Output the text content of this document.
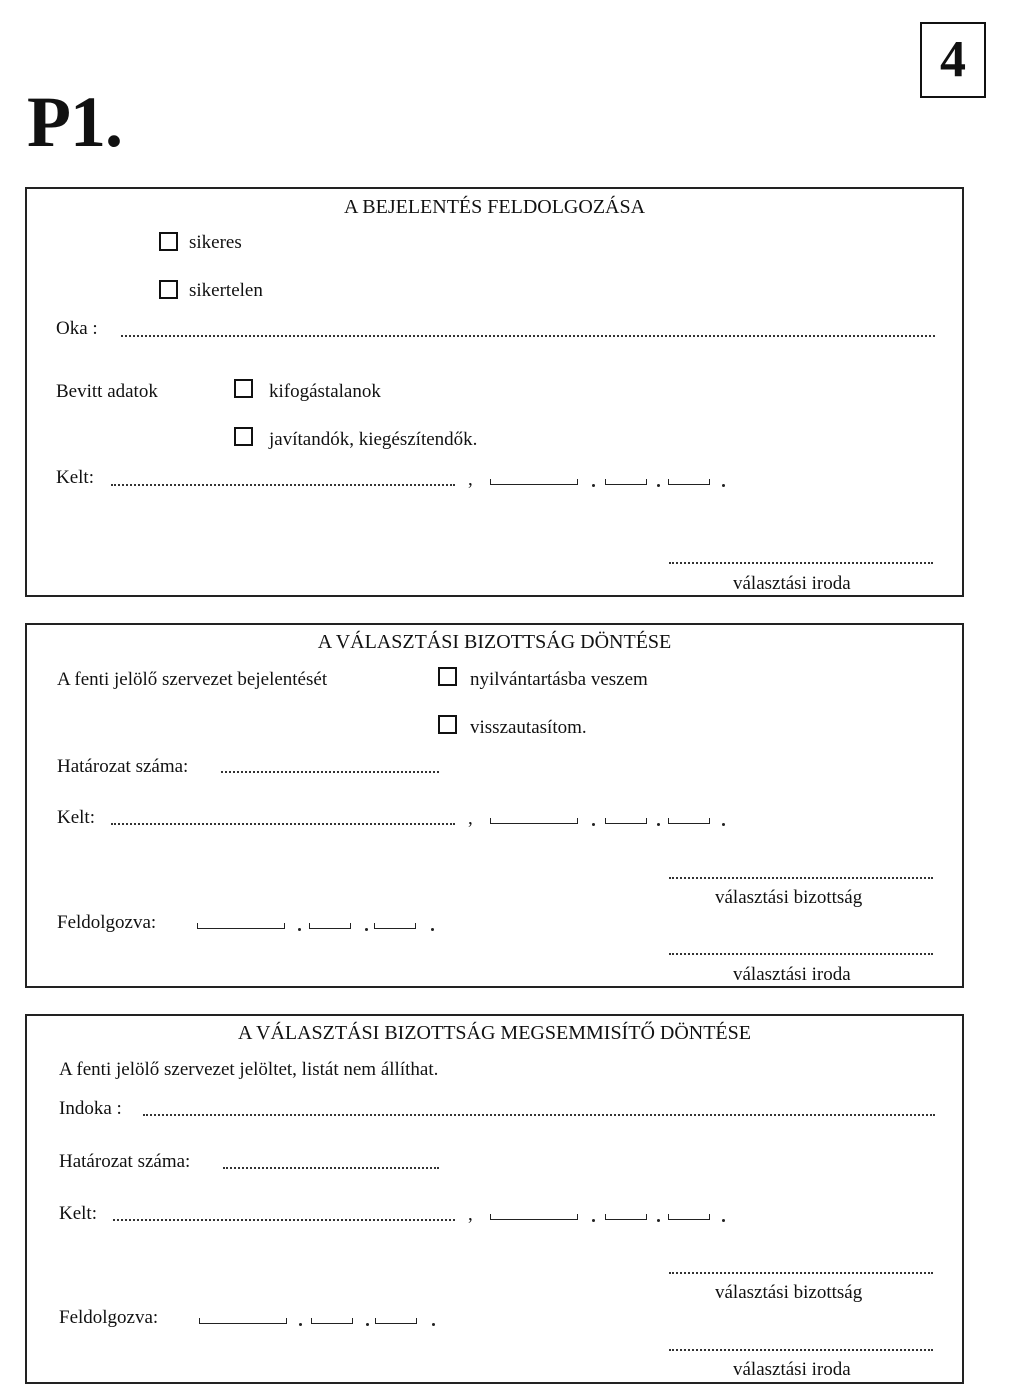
P1.
4
A BEJELENTÉS FELDOLGOZÁSA
sikeres
sikertelen
Oka :
Bevitt adatok	kifogástalanok
javítandók, kiegészítendők.
Kelt:	,
választási iroda
A VÁLASZTÁSI BIZOTTSÁG DÖNTÉSE
A fenti jelölő szervezet bejelentését	nyilvántartásba veszem
visszautasítom.
Határozat száma:
Kelt:	,
választási bizottság
Feldolgozva:
választási iroda
A VÁLASZTÁSI BIZOTTSÁG MEGSEMMISÍTŐ DÖNTÉSE
A fenti jelölő szervezet jelöltet, listát nem állíthat.
Indoka :
Határozat száma:
Kelt:	,
választási bizottság
Feldolgozva:
választási iroda
